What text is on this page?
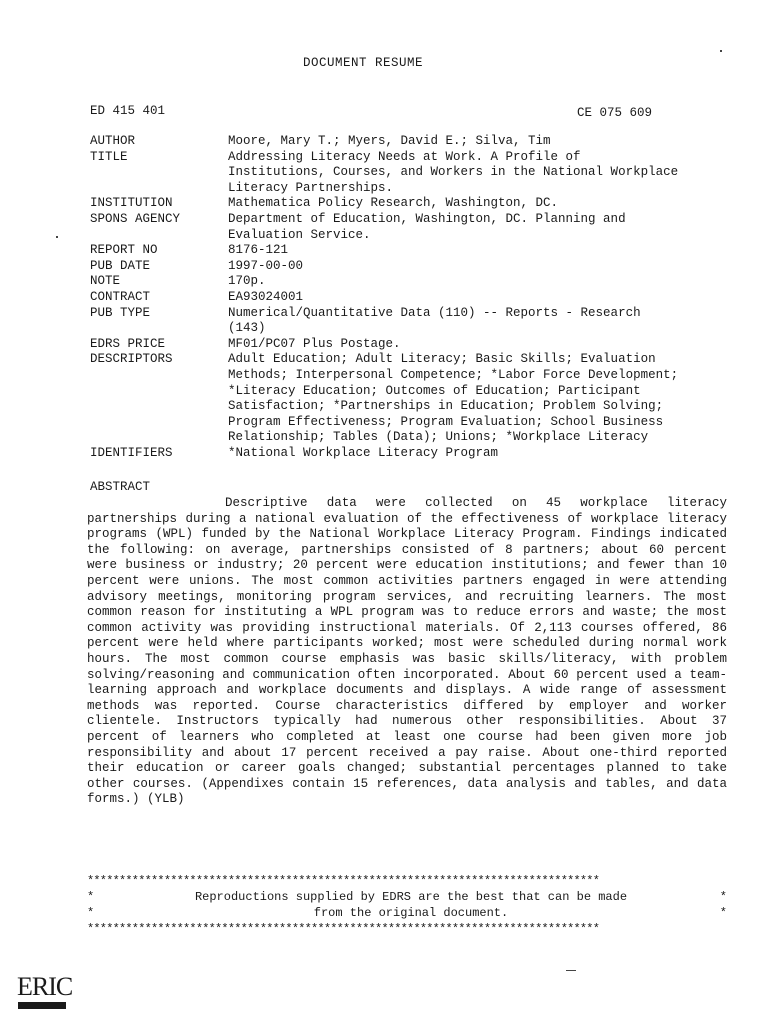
DOCUMENT RESUME
ED 415 401	CE 075 609
AUTHOR	Moore, Mary T.; Myers, David E.; Silva, Tim
TITLE	Addressing Literacy Needs at Work. A Profile of
Institutions, Courses, and Workers in the National Workplace
Literacy Partnerships.
INSTITUTION	Mathematica Policy Research, Washington, DC.
SPONS AGENCY	Department of Education, Washington, DC. Planning and
Evaluation Service.
REPORT NO	8176-121
PUB DATE	1997-00-00
NOTE	170p.
CONTRACT	EA93024001
PUB TYPE	Numerical/Quantitative Data (110) -- Reports - Research
(143)
EDRS PRICE	MF01/PC07 Plus Postage.
DESCRIPTORS	Adult Education; Adult Literacy; Basic Skills; Evaluation
Methods; Interpersonal Competence; *Labor Force Development;
*Literacy Education; Outcomes of Education; Participant
Satisfaction; *Partnerships in Education; Problem Solving;
Program Effectiveness; Program Evaluation; School Business
Relationship; Tables (Data); Unions; *Workplace Literacy
IDENTIFIERS	*National Workplace Literacy Program
ABSTRACT
Descriptive data were collected on 45 workplace literacy partnerships during a national evaluation of the effectiveness of workplace literacy programs (WPL) funded by the National Workplace Literacy Program. Findings indicated the following: on average, partnerships consisted of 8 partners; about 60 percent were business or industry; 20 percent were education institutions; and fewer than 10 percent were unions. The most common activities partners engaged in were attending advisory meetings, monitoring program services, and recruiting learners. The most common reason for instituting a WPL program was to reduce errors and waste; the most common activity was providing instructional materials. Of 2,113 courses offered, 86 percent were held where participants worked; most were scheduled during normal work hours. The most common course emphasis was basic skills/literacy, with problem solving/reasoning and communication often incorporated. About 60 percent used a team-learning approach and workplace documents and displays. A wide range of assessment methods was reported. Course characteristics differed by employer and worker clientele. Instructors typically had numerous other responsibilities. About 37 percent of learners who completed at least one course had been given more job responsibility and about 17 percent received a pay raise. About one-third reported their education or career goals changed; substantial percentages planned to take other courses. (Appendixes contain 15 references, data analysis and tables, and data forms.) (YLB)
********************************************************************************
*	Reproductions supplied by EDRS are the best that can be made	*
*	from the original document.	*
********************************************************************************
ERIC
